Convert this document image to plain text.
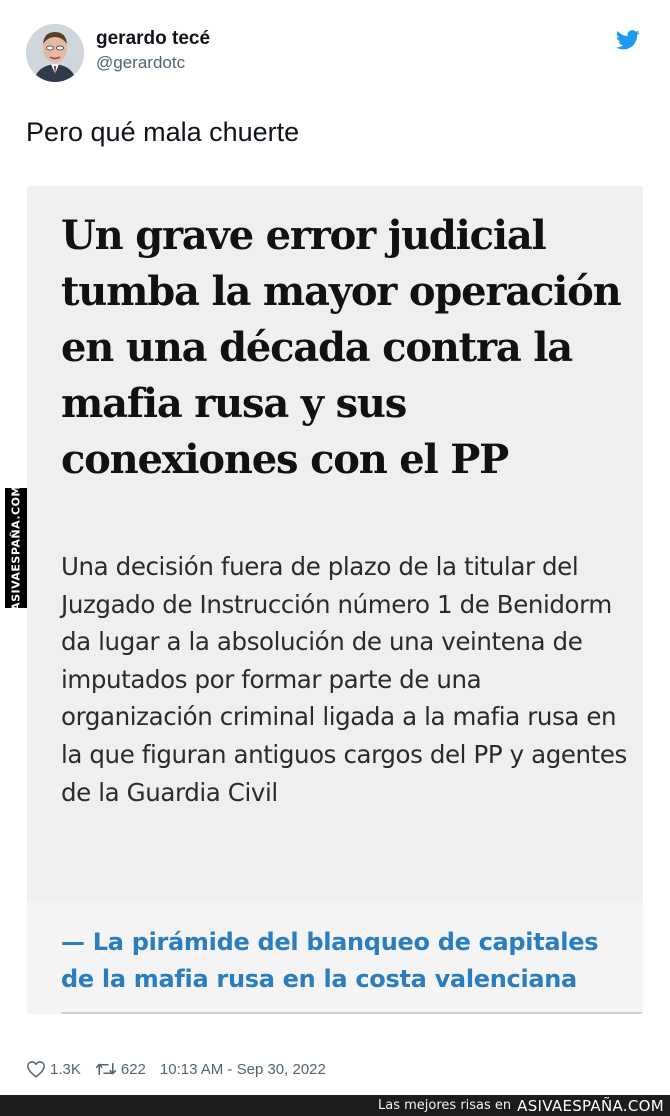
gerardo tecé
@gerardotc
Pero qué mala chuerte
Un grave error judicial tumba la mayor operación en una década contra la mafia rusa y sus conexiones con el PP
Una decisión fuera de plazo de la titular del Juzgado de Instrucción número 1 de Benidorm da lugar a la absolución de una veintena de imputados por formar parte de una organización criminal ligada a la mafia rusa en la que figuran antiguos cargos del PP y agentes de la Guardia Civil
— La pirámide del blanqueo de capitales de la mafia rusa en la costa valenciana
ASIVAESPAÑA.COM
1.3K	622 10:13 AM - Sep 30, 2022
Las mejores risas en ASIVAESPAÑA.COM
